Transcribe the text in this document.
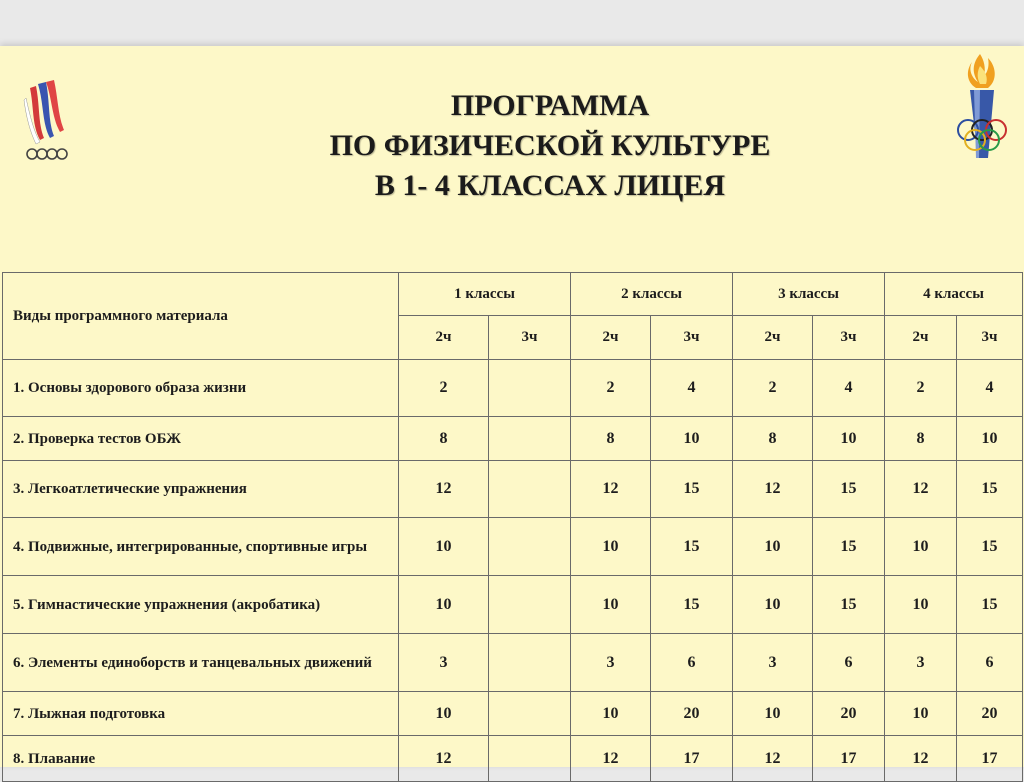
ПРОГРАММА
ПО ФИЗИЧЕСКОЙ КУЛЬТУРЕ
В 1- 4 КЛАССАХ ЛИЦЕЯ
Виды программного материала	1 классы		2 классы		3 классы		4 классы	
	2ч	3ч	2ч	3ч	2ч	3ч	2ч	3ч
1. Основы здорового образа жизни	2		2	4	2	4	2	4
2. Проверка тестов ОБЖ	8		8	10	8	10	8	10
3. Легкоатлетические упражнения	12		12	15	12	15	12	15
4. Подвижные, интегрированные, спортивные игры	10		10	15	10	15	10	15
5. Гимнастические упражнения (акробатика)	10		10	15	10	15	10	15
6. Элементы единоборств и танцевальных движений	3		3	6	3	6	3	6
7. Лыжная подготовка	10		10	20	10	20	10	20
8. Плавание	12		12	17	12	17	12	17
